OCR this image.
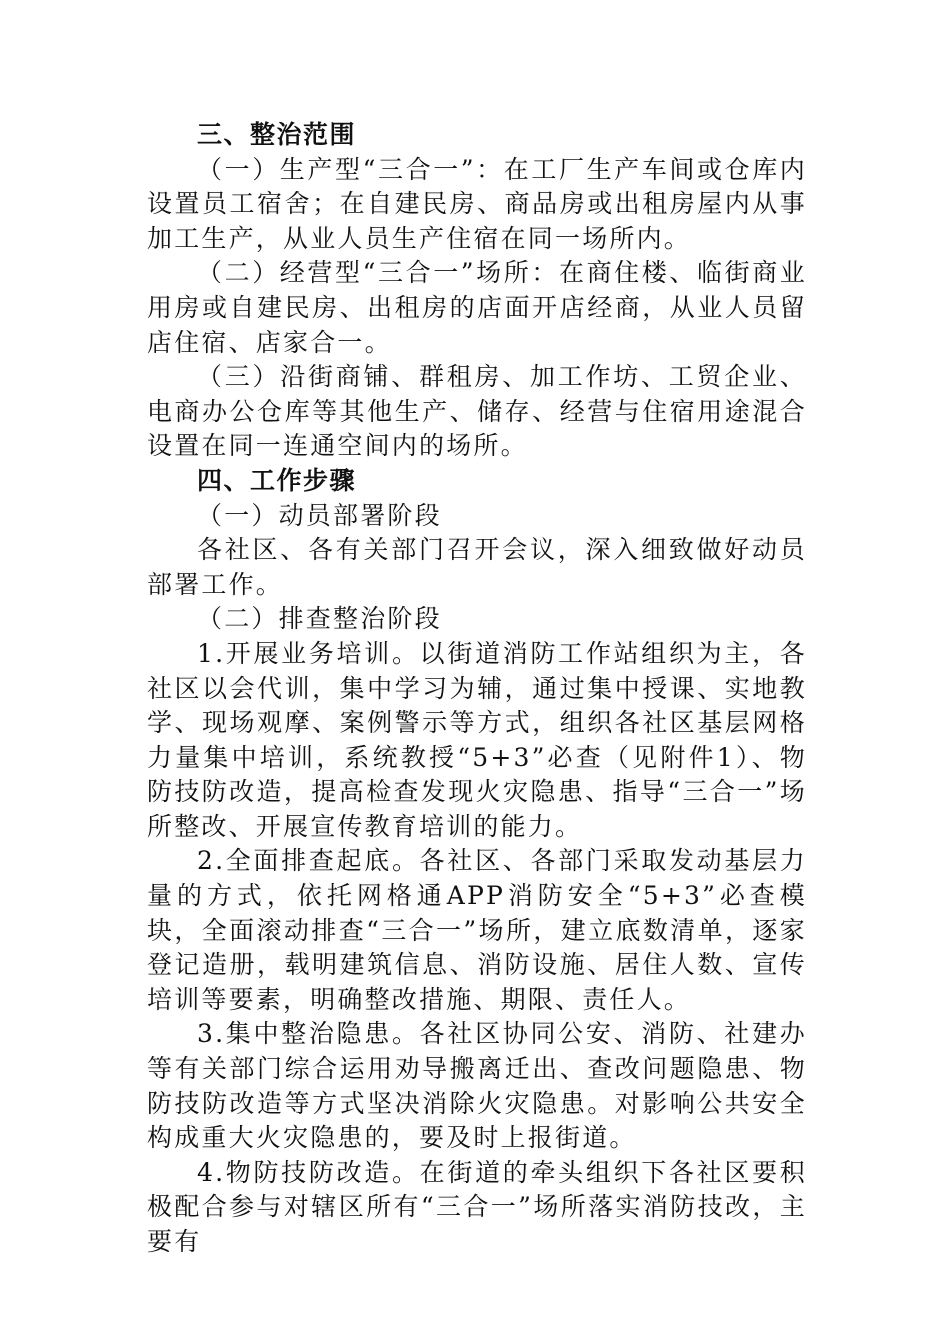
三、整治范围

（一）生产型“三合一”：在工厂生产车间或仓库内设置员工宿舍；在自建民房、商品房或出租房屋内从事加工生产，从业人员生产住宿在同一场所内。

（二）经营型“三合一”场所：在商住楼、临街商业用房或自建民房、出租房的店面开店经商，从业人员留店住宿、店家合一。

（三）沿街商铺、群租房、加工作坊、工贸企业、电商办公仓库等其他生产、储存、经营与住宿用途混合设置在同一连通空间内的场所。

四、工作步骤

（一）动员部署阶段

各社区、各有关部门召开会议，深入细致做好动员部署工作。

（二）排查整治阶段

1.开展业务培训。以街道消防工作站组织为主，各社区以会代训，集中学习为辅，通过集中授课、实地教学、现场观摩、案例警示等方式，组织各社区基层网格力量集中培训，系统教授“5+3”必查（见附件1）、物防技防改造，提高检查发现火灾隐患、指导“三合一”场所整改、开展宣传教育培训的能力。

2.全面排查起底。各社区、各部门采取发动基层力量的方式，依托网格通APP消防安全“5+3”必查模块，全面滚动排查“三合一”场所，建立底数清单，逐家登记造册，载明建筑信息、消防设施、居住人数、宣传培训等要素，明确整改措施、期限、责任人。

3.集中整治隐患。各社区协同公安、消防、社建办等有关部门综合运用劝导搬离迁出、查改问题隐患、物防技防改造等方式坚决消除火灾隐患。对影响公共安全构成重大火灾隐患的，要及时上报街道。

4.物防技防改造。在街道的牵头组织下各社区要积极配合参与对辖区所有“三合一”场所落实消防技改，主要有
